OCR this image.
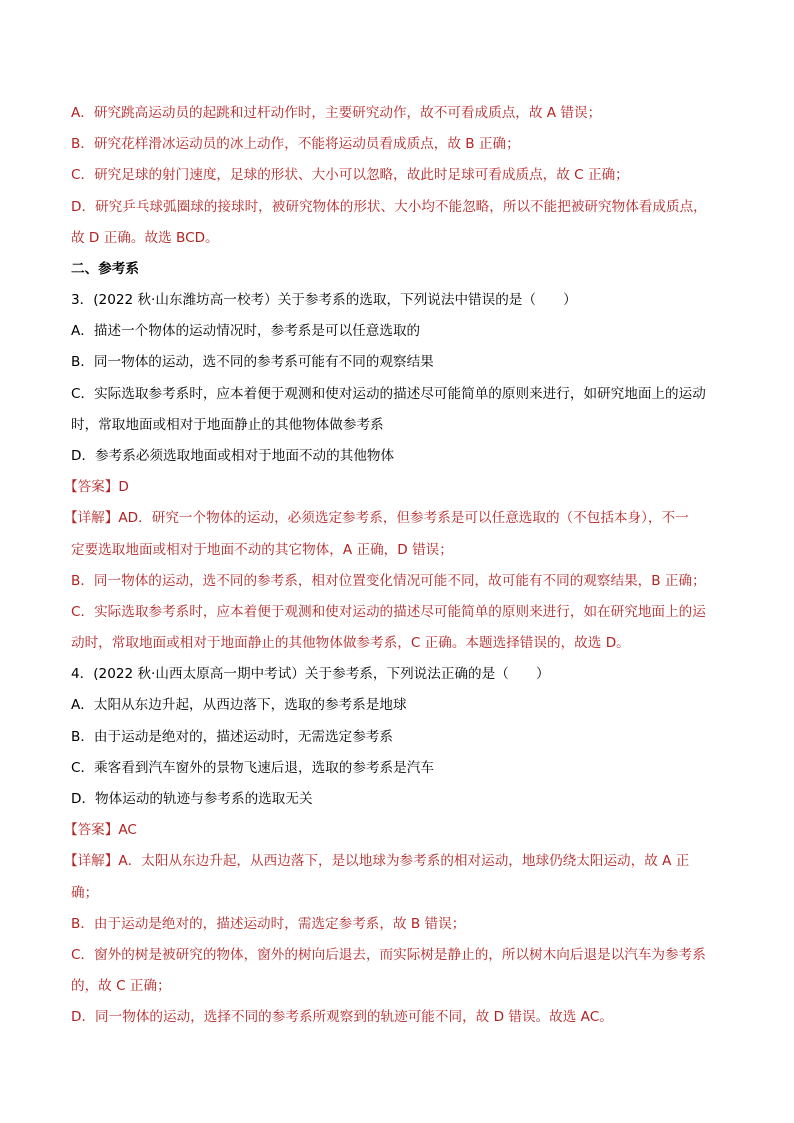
A．研究跳高运动员的起跳和过杆动作时，主要研究动作，故不可看成质点，故 A 错误；
B．研究花样滑冰运动员的冰上动作，不能将运动员看成质点，故 B 正确；
C．研究足球的射门速度，足球的形状、大小可以忽略，故此时足球可看成质点，故 C 正确；
D．研究乒乓球弧圈球的接球时，被研究物体的形状、大小均不能忽略，所以不能把被研究物体看成质点，
故 D 正确。故选 BCD。
二、参考系
3．(2022 秋·山东潍坊高一校考）关于参考系的选取，下列说法中错误的是（　　）
A．描述一个物体的运动情况时，参考系是可以任意选取的
B．同一物体的运动，选不同的参考系可能有不同的观察结果
C．实际选取参考系时，应本着便于观测和使对运动的描述尽可能简单的原则来进行，如研究地面上的运动
时，常取地面或相对于地面静止的其他物体做参考系
D．参考系必须选取地面或相对于地面不动的其他物体
【答案】D
【详解】AD．研究一个物体的运动，必须选定参考系，但参考系是可以任意选取的（不包括本身），不一
定要选取地面或相对于地面不动的其它物体，A 正确，D 错误；
B．同一物体的运动，选不同的参考系，相对位置变化情况可能不同，故可能有不同的观察结果，B 正确；
C．实际选取参考系时，应本着便于观测和使对运动的描述尽可能简单的原则来进行，如在研究地面上的运
动时，常取地面或相对于地面静止的其他物体做参考系，C 正确。本题选择错误的，故选 D。
4．(2022 秋·山西太原高一期中考试）关于参考系，下列说法正确的是（　　）
A．太阳从东边升起，从西边落下，选取的参考系是地球
B．由于运动是绝对的，描述运动时，无需选定参考系
C．乘客看到汽车窗外的景物飞速后退，选取的参考系是汽车
D．物体运动的轨迹与参考系的选取无关
【答案】AC
【详解】A．太阳从东边升起，从西边落下，是以地球为参考系的相对运动，地球仍绕太阳运动，故 A 正
确；
B．由于运动是绝对的，描述运动时，需选定参考系，故 B 错误；
C．窗外的树是被研究的物体，窗外的树向后退去，而实际树是静止的，所以树木向后退是以汽车为参考系
的，故 C 正确；
D．同一物体的运动，选择不同的参考系所观察到的轨迹可能不同，故 D 错误。故选 AC。
